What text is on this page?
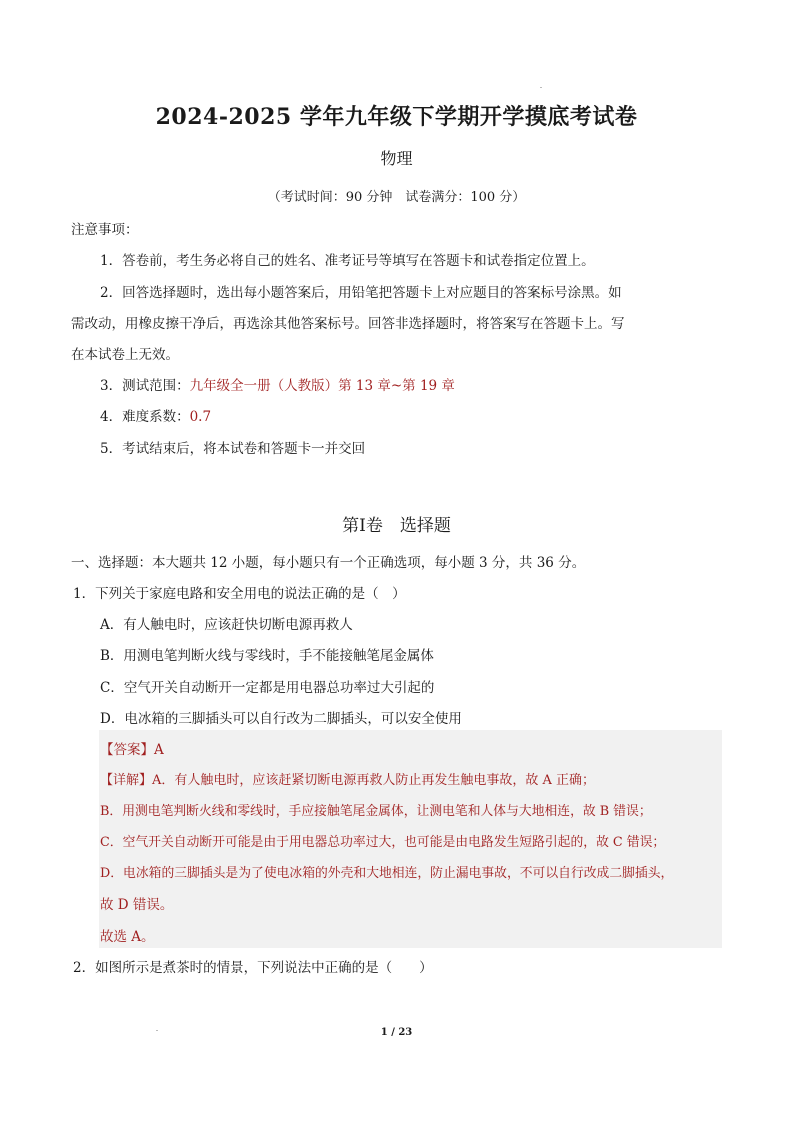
2024-2025 学年九年级下学期开学摸底考试卷
物理
（考试时间：90 分钟　试卷满分：100 分）
注意事项：
1．答卷前，考生务必将自己的姓名、准考证号等填写在答题卡和试卷指定位置上。
2．回答选择题时，选出每小题答案后，用铅笔把答题卡上对应题目的答案标号涂黑。如
需改动，用橡皮擦干净后，再选涂其他答案标号。回答非选择题时，将答案写在答题卡上。写
在本试卷上无效。
3．测试范围：九年级全一册（人教版）第 13 章~第 19 章
4．难度系数：0.7
5．考试结束后，将本试卷和答题卡一并交回
第Ⅰ卷　选择题
一、选择题：本大题共 12 小题，每小题只有一个正确选项，每小题 3 分，共 36 分。
1．下列关于家庭电路和安全用电的说法正确的是（　）
A．有人触电时，应该赶快切断电源再救人
B．用测电笔判断火线与零线时，手不能接触笔尾金属体
C．空气开关自动断开一定都是用电器总功率过大引起的
D．电冰箱的三脚插头可以自行改为二脚插头，可以安全使用
【答案】A
【详解】A．有人触电时，应该赶紧切断电源再救人防止再发生触电事故，故 A 正确；
B．用测电笔判断火线和零线时，手应接触笔尾金属体，让测电笔和人体与大地相连，故 B 错误；
C．空气开关自动断开可能是由于用电器总功率过大，也可能是由电路发生短路引起的，故 C 错误；
D．电冰箱的三脚插头是为了使电冰箱的外壳和大地相连，防止漏电事故，不可以自行改成二脚插头，
故 D 错误。
故选 A。
2．如图所示是煮茶时的情景，下列说法中正确的是（　　）
1 / 23
